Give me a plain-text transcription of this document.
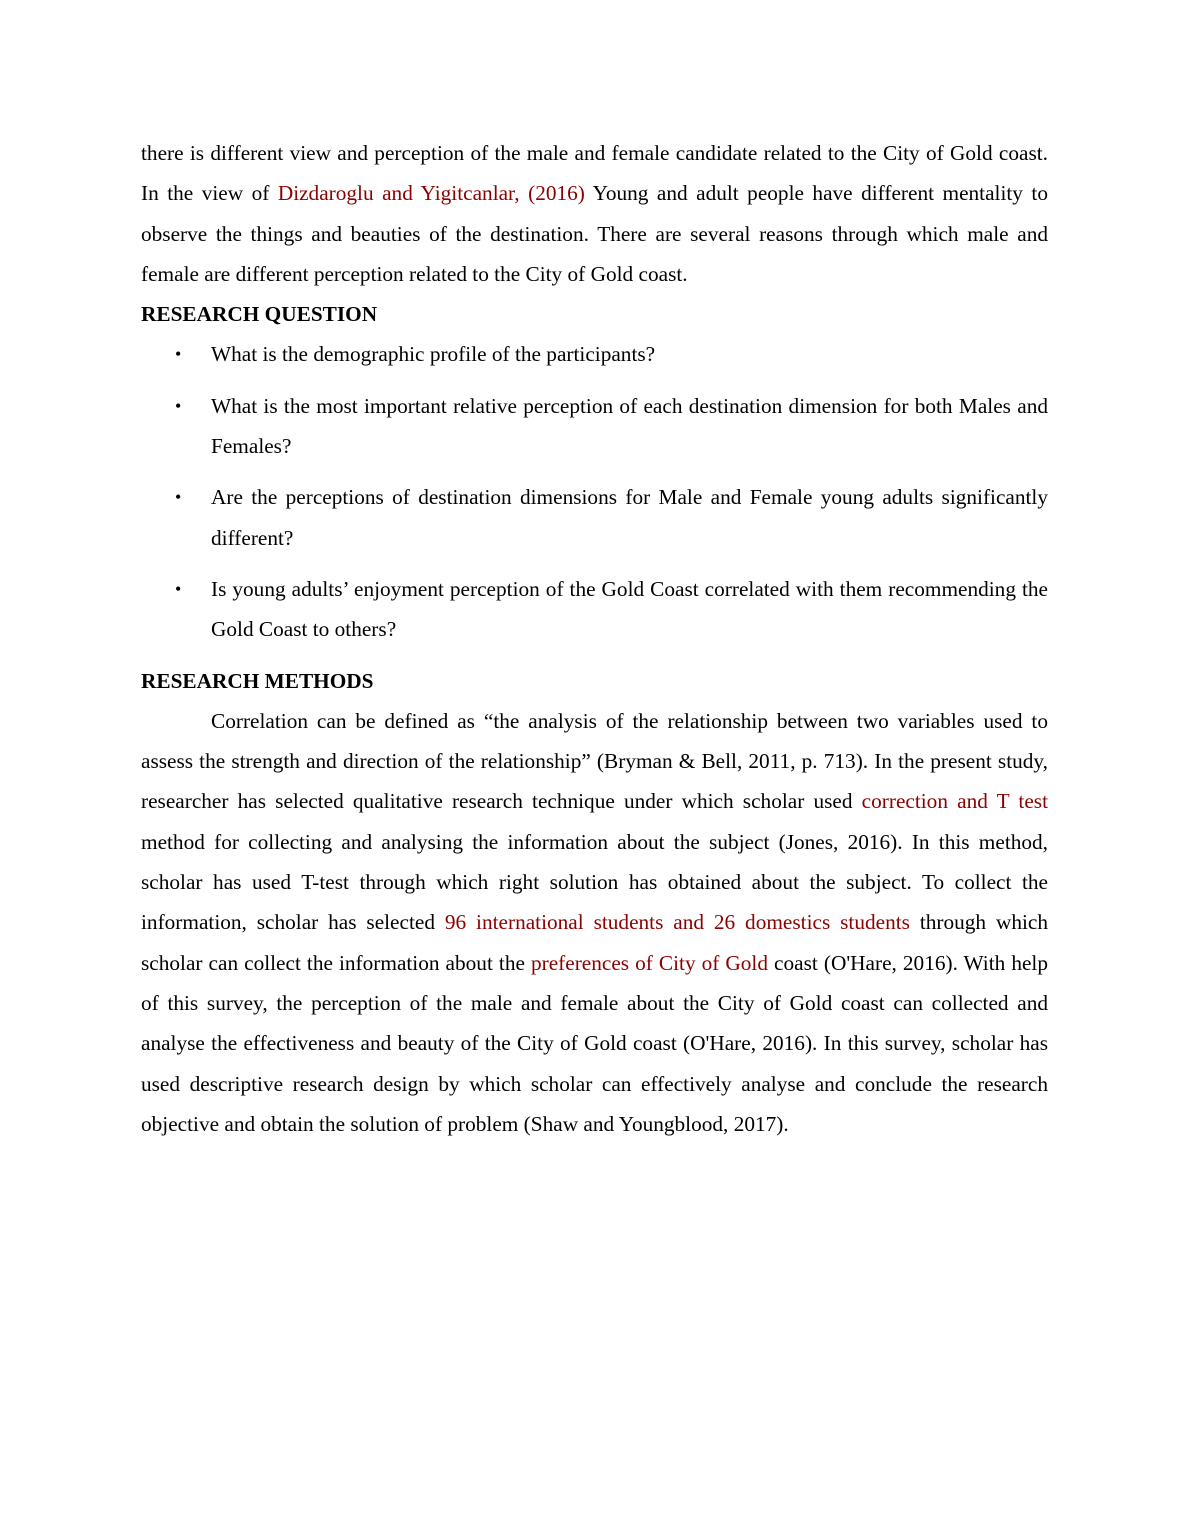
there is different view and perception of the male and female candidate related to the City of Gold coast. In the view of Dizdaroglu and Yigitcanlar, (2016) Young and adult people have different mentality to observe the things and beauties of the destination. There are several reasons through which male and female are different perception related to the City of Gold coast.

RESEARCH QUESTION
• What is the demographic profile of the participants?
• What is the most important relative perception of each destination dimension for both Males and Females?
• Are the perceptions of destination dimensions for Male and Female young adults significantly different?
• Is young adults’ enjoyment perception of the Gold Coast correlated with them recommending the Gold Coast to others?
RESEARCH METHODS

Correlation can be defined as “the analysis of the relationship between two variables used to assess the strength and direction of the relationship” (Bryman & Bell, 2011, p. 713). In the present study, researcher has selected qualitative research technique under which scholar used correction and T test method for collecting and analysing the information about the subject (Jones, 2016). In this method, scholar has used T-test through which right solution has obtained about the subject. To collect the information, scholar has selected 96 international students and 26 domestics students through which scholar can collect the information about the preferences of City of Gold coast (O'Hare, 2016). With help of this survey, the perception of the male and female about the City of Gold coast can collected and analyse the effectiveness and beauty of the City of Gold coast (O'Hare, 2016). In this survey, scholar has used descriptive research design by which scholar can effectively analyse and conclude the research objective and obtain the solution of problem (Shaw and Youngblood, 2017).
